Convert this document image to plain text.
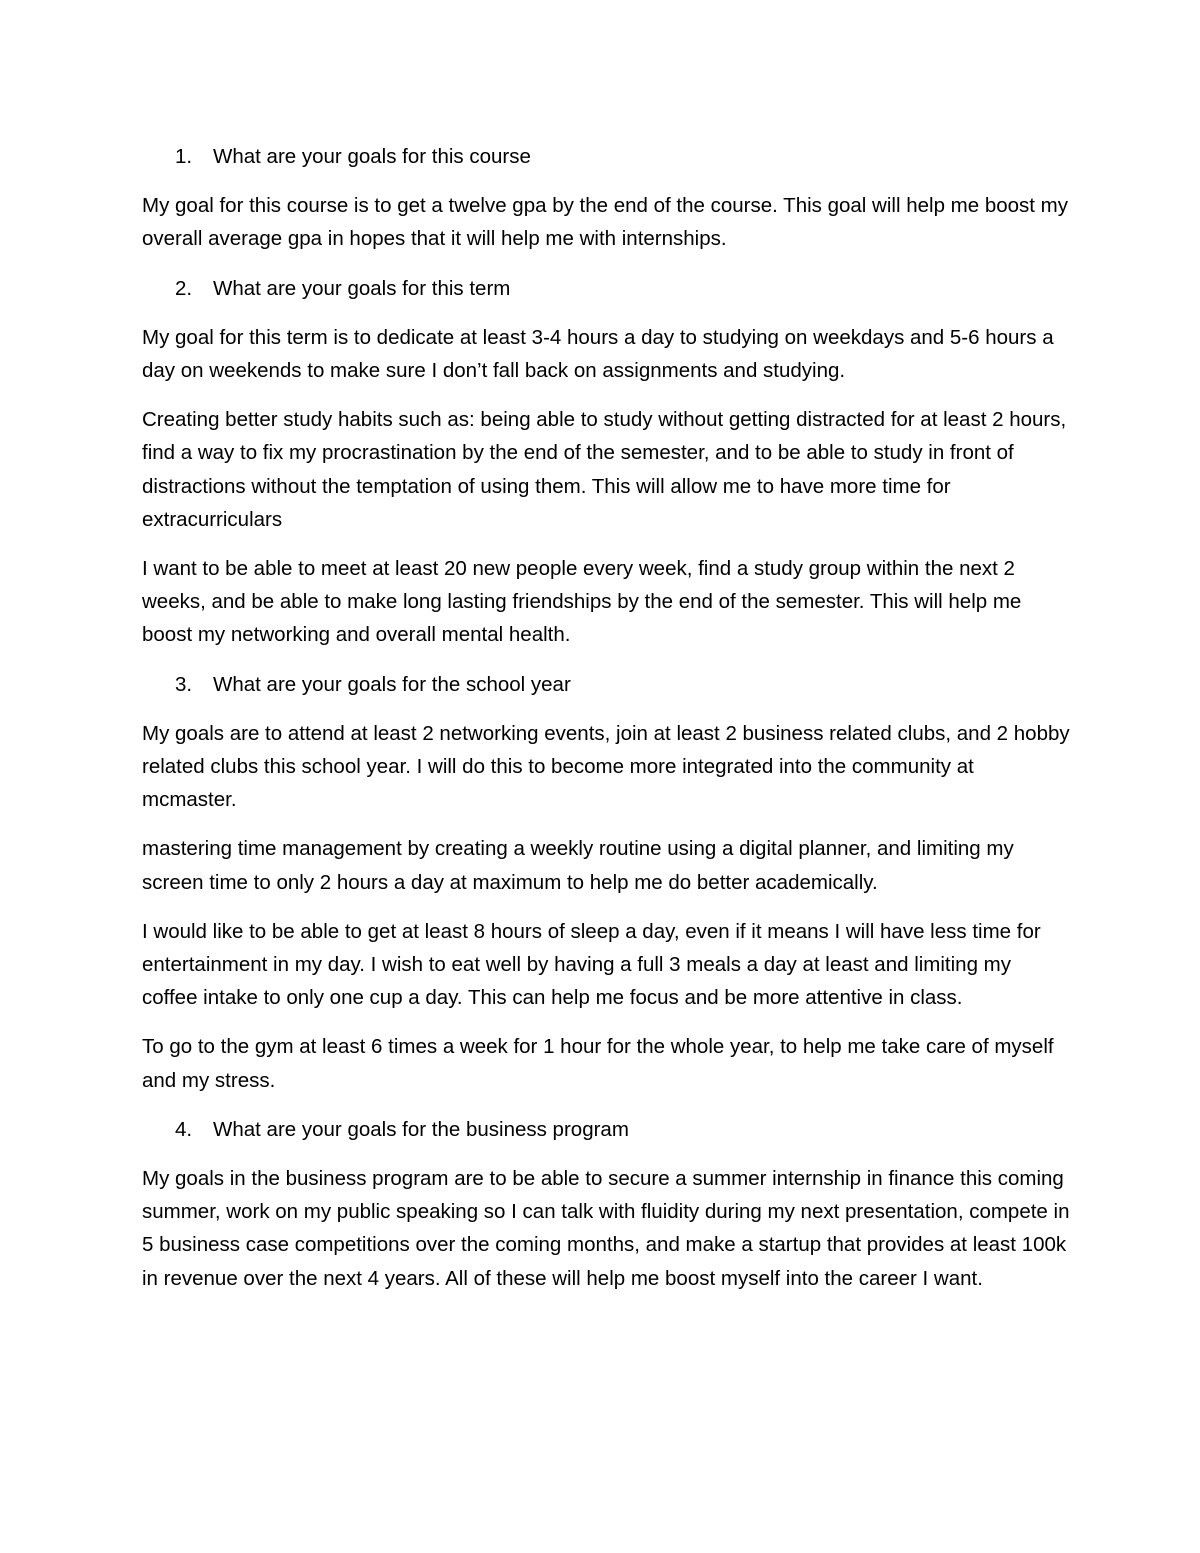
1.	What are your goals for this course

My goal for this course is to get a twelve gpa by the end of the course. This goal will help me boost my overall average gpa in hopes that it will help me with internships.

2.	What are your goals for this term

My goal for this term is to dedicate at least 3-4 hours a day to studying on weekdays and 5-6 hours a day on weekends to make sure I don’t fall back on assignments and studying.

Creating better study habits such as: being able to study without getting distracted for at least 2 hours, find a way to fix my procrastination by the end of the semester, and to be able to study in front of distractions without the temptation of using them. This will allow me to have more time for extracurriculars

I want to be able to meet at least 20 new people every week, find a study group within the next 2 weeks, and be able to make long lasting friendships by the end of the semester. This will help me boost my networking and overall mental health.

3.	What are your goals for the school year

My goals are to attend at least 2 networking events, join at least 2 business related clubs, and 2 hobby related clubs this school year. I will do this to become more integrated into the community at mcmaster.

mastering time management by creating a weekly routine using a digital planner, and limiting my screen time to only 2 hours a day at maximum to help me do better academically.

I would like to be able to get at least 8 hours of sleep a day, even if it means I will have less time for entertainment in my day. I wish to eat well by having a full 3 meals a day at least and limiting my coffee intake to only one cup a day. This can help me focus and be more attentive in class.

To go to the gym at least 6 times a week for 1 hour for the whole year, to help me take care of myself and my stress.

4.	What are your goals for the business program

My goals in the business program are to be able to secure a summer internship in finance this coming summer, work on my public speaking so I can talk with fluidity during my next presentation, compete in 5 business case competitions over the coming months, and make a startup that provides at least 100k in revenue over the next 4 years. All of these will help me boost myself into the career I want.
